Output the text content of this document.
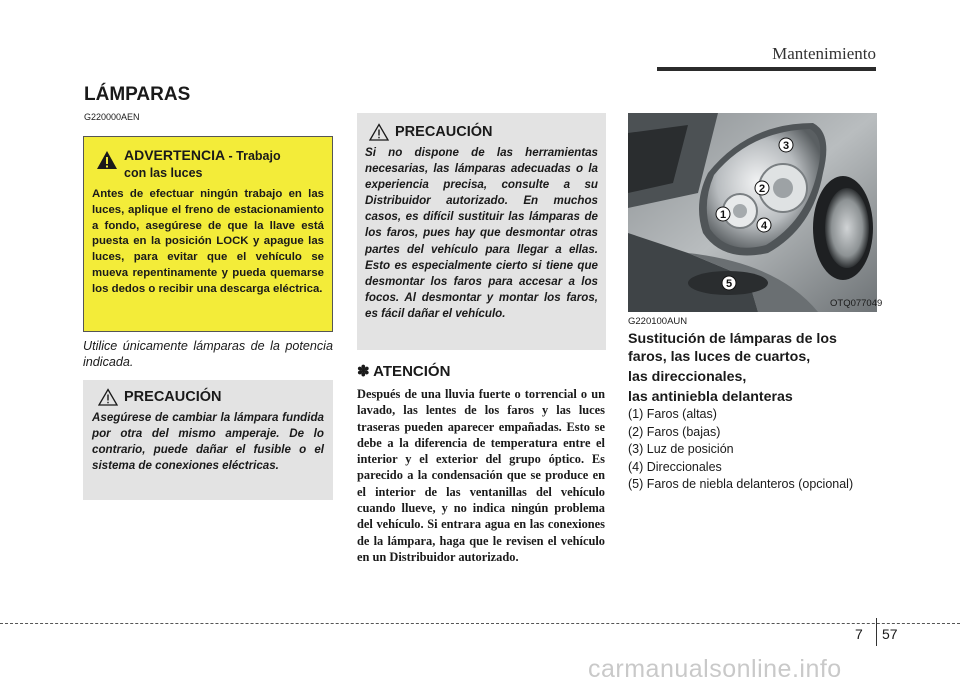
Mantenimiento
LÁMPARAS
G220000AEN
ADVERTENCIA - Trabajo
con las luces
Antes de efectuar ningún trabajo en las luces, aplique el freno de estacionamiento a fondo, asegúrese de que la llave está puesta en la posición LOCK y apague las luces, para evitar que el vehículo se mueva repentinamente y pueda quemarse los dedos o recibir una descarga eléctrica.
Utilice únicamente lámparas de la potencia indicada.
PRECAUCIÓN
Asegúrese de cambiar la lámpara fundida por otra del mismo amperaje. De lo contrario, puede dañar el fusible o el sistema de conexiones eléctricas.
PRECAUCIÓN
Si no dispone de las herramientas necesarias, las lámparas adecuadas o la experiencia precisa, consulte a su Distribuidor autorizado. En muchos casos, es difícil sustituir las lámparas de los faros, pues hay que desmontar otras partes del vehículo para llegar a ellas. Esto es especialmente cierto si tiene que desmontar los faros para accesar a los focos. Al desmontar y montar los faros, es fácil dañar el vehículo.
✽ ATENCIÓN
Después de una lluvia fuerte o torrencial o un lavado, las lentes de los faros y las luces traseras pueden aparecer empañadas. Esto se debe a la diferencia de temperatura entre el interior y el exterior del grupo óptico. Es parecido a la condensación que se produce en el interior de las ventanillas del vehículo cuando llueve, y no indica ningún problema del vehículo. Si entrara agua en las conexiones de la lámpara, haga que le revisen el vehículo en un Distribuidor autorizado.
1
2
3
4
5
OTQ077049
G220100AUN
Sustitución de lámparas de los faros, las luces de cuartos,
las direccionales,
las antiniebla delanteras
(1) Faros (altas)
(2) Faros (bajas)
(3) Luz de posición
(4) Direccionales
(5) Faros de niebla delanteros (opcional)
7 57
carmanualsonline.info
